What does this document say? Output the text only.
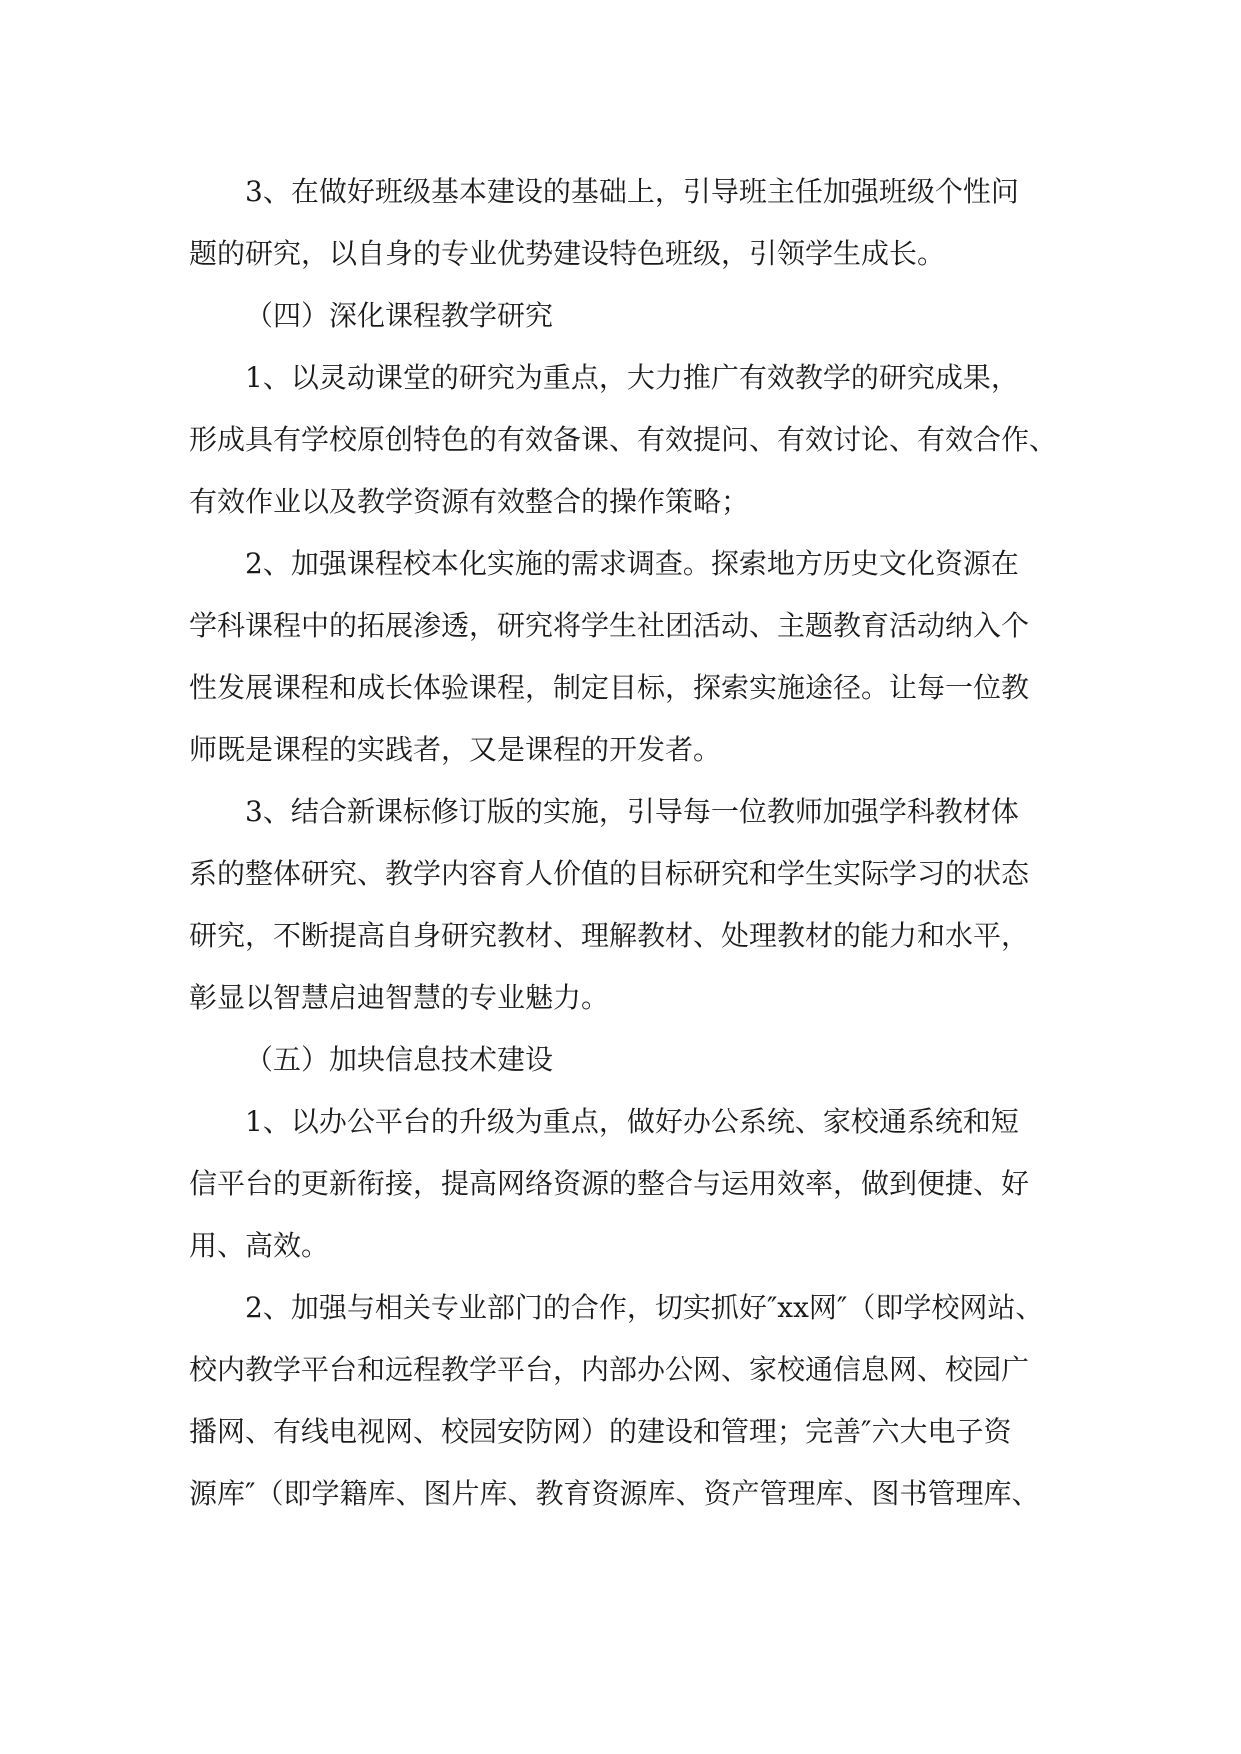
3、在做好班级基本建设的基础上，引导班主任加强班级个性问
题的研究，以自身的专业优势建设特色班级，引领学生成长。
（四）深化课程教学研究
1、以灵动课堂的研究为重点，大力推广有效教学的研究成果，
形成具有学校原创特色的有效备课、有效提问、有效讨论、有效合作、
有效作业以及教学资源有效整合的操作策略；
2、加强课程校本化实施的需求调查。探索地方历史文化资源在
学科课程中的拓展渗透，研究将学生社团活动、主题教育活动纳入个
性发展课程和成长体验课程，制定目标，探索实施途径。让每一位教
师既是课程的实践者，又是课程的开发者。
3、结合新课标修订版的实施，引导每一位教师加强学科教材体
系的整体研究、教学内容育人价值的目标研究和学生实际学习的状态
研究，不断提高自身研究教材、理解教材、处理教材的能力和水平，
彰显以智慧启迪智慧的专业魅力。
（五）加块信息技术建设
1、以办公平台的升级为重点，做好办公系统、家校通系统和短
信平台的更新衔接，提高网络资源的整合与运用效率，做到便捷、好
用、高效。
2、加强与相关专业部门的合作，切实抓好″xx网″（即学校网站、
校内教学平台和远程教学平台，内部办公网、家校通信息网、校园广
播网、有线电视网、校园安防网）的建设和管理；完善″六大电子资
源库″（即学籍库、图片库、教育资源库、资产管理库、图书管理库、
